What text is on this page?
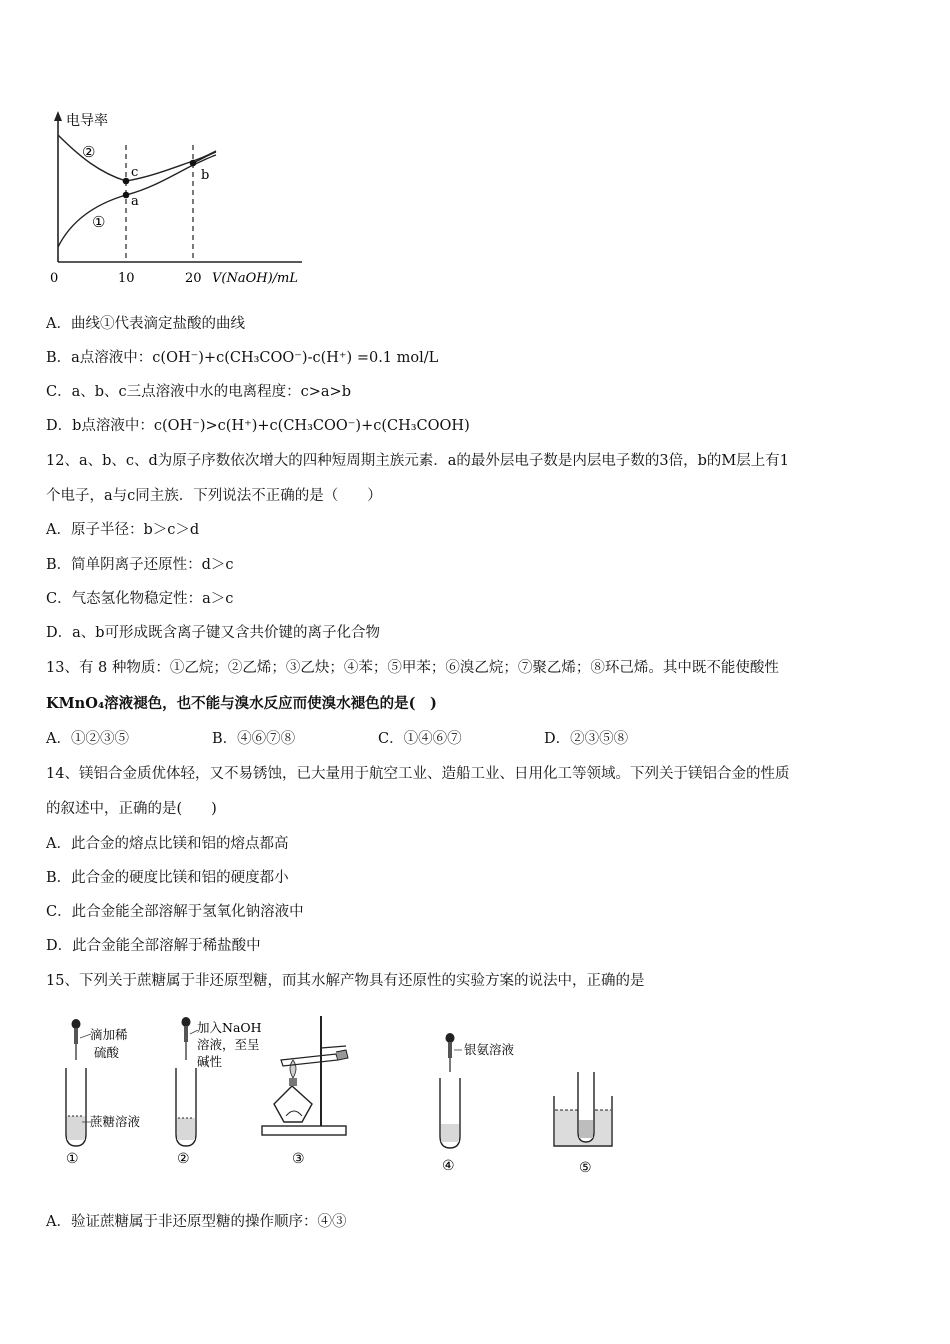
电导率
②
①
c
a
b
0	10	20 V(NaOH)/mL
A．曲线①代表滴定盐酸的曲线
B．a点溶液中：c(OH⁻)+c(CH₃COO⁻)-c(H⁺) =0.1 mol/L
C．a、b、c三点溶液中水的电离程度：c>a>b
D．b点溶液中：c(OH⁻)>c(H⁺)+c(CH₃COO⁻)+c(CH₃COOH)
12、a、b、c、d为原子序数依次增大的四种短周期主族元素．a的最外层电子数是内层电子数的3倍，b的M层上有1
个电子，a与c同主族．下列说法不正确的是（　　）
A．原子半径：b＞c＞d
B．简单阴离子还原性：d＞c
C．气态氢化物稳定性：a＞c
D．a、b可形成既含离子键又含共价键的离子化合物
13、有 8 种物质：①乙烷；②乙烯；③乙炔；④苯；⑤甲苯；⑥溴乙烷；⑦聚乙烯；⑧环己烯。其中既不能使酸性
KMnO₄溶液褪色，也不能与溴水反应而使溴水褪色的是(　)
A．①②③⑤	B．④⑥⑦⑧	C．①④⑥⑦	D．②③⑤⑧
14、镁铝合金质优体轻，又不易锈蚀，已大量用于航空工业、造船工业、日用化工等领域。下列关于镁铝合金的性质
的叙述中，正确的是(　　)
A．此合金的熔点比镁和铝的熔点都高
B．此合金的硬度比镁和铝的硬度都小
C．此合金能全部溶解于氢氧化钠溶液中
D．此合金能全部溶解于稀盐酸中
15、下列关于蔗糖属于非还原型糖，而其水解产物具有还原性的实验方案的说法中，正确的是
滴加稀
硫酸
蔗糖溶液
①
加入NaOH
溶液，至呈
碱性
②	③
银氨溶液
④	⑤
A．验证蔗糖属于非还原型糖的操作顺序：④③
